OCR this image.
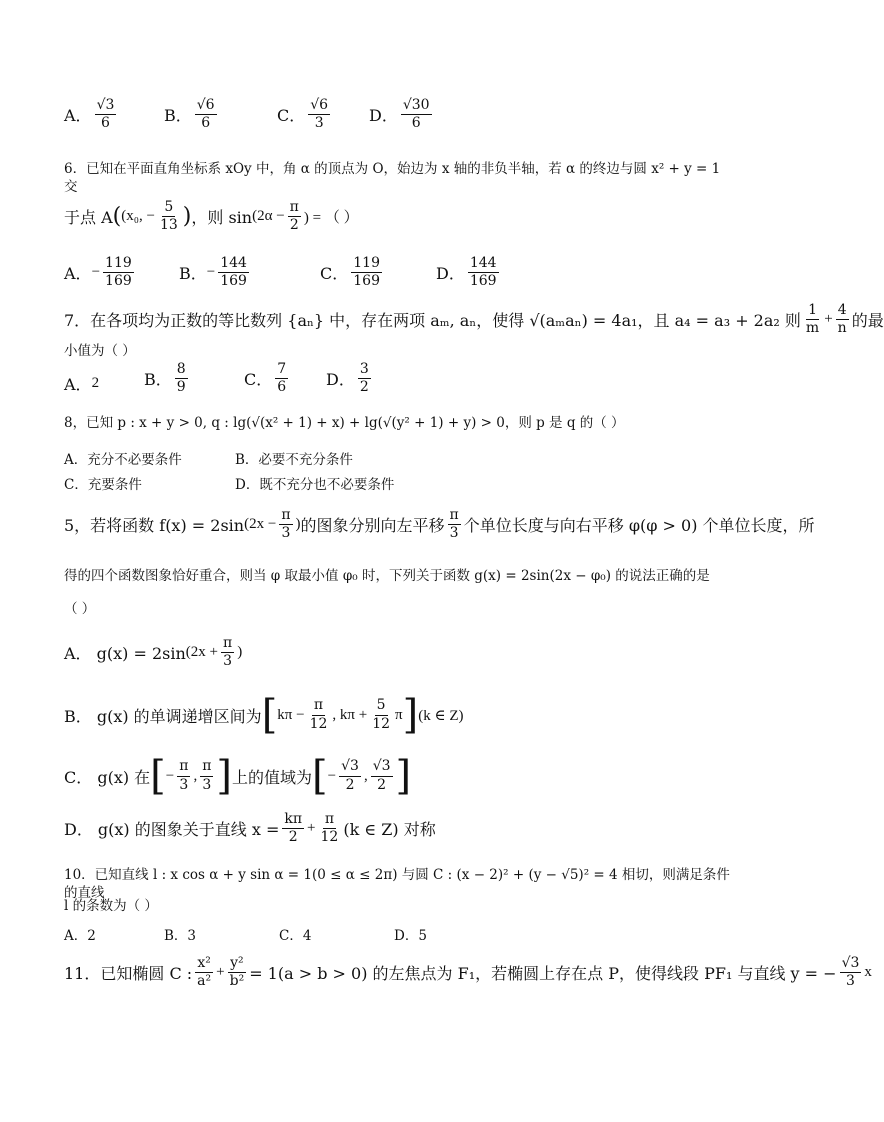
A． $\frac{√3}{6}$	B． $\frac{√6}{6}$	C． $\frac{√6}{3}$ D． $\frac{√30}{6}$
6．已知在平面直角坐标系 xOy 中，角 α 的顶点为 O，始边为 x 轴的非负半轴，若 α 的终边与圆 x² + y = 1 交
于点 A ( (x₀, − $\frac{5}{13}$ ) ，则 $\sin (2\alpha - \frac{\pi}{2}$ ) = （ ）
A． − $\frac{119}{169}$	B． − $\frac{144}{169}$	C． $\frac{119}{169}$	D． $\frac{144}{169}$
7．在各项均为正数的等比数列 {aₙ} 中，存在两项 aₘ, aₙ，使得 √(aₘaₙ) = 4a₁，且 a₄ = a₃ + 2a₂ 则 $\frac{1}{m} + \frac{4}{n}$ 的最
小值为（ ）
A． 2	B． $\frac{8}{9}$	C． $\frac{7}{6}$ D． $\frac{3}{2}$
8，已知 p : x + y > 0, q : lg(√(x² + 1) + x) + lg(√(y² + 1) + y) > 0，则 p 是 q 的（ ）
A．充分不必要条件	B．必要不充分条件
C．充要条件	D．既不充分也不必要条件
5，若将函数 f(x) = 2sin ($2x - \frac{\pi}{3}$ ) 的图象分别向左平移 $\frac{\pi}{3}$ 个单位长度与向右平移 φ(φ > 0) 个单位长度，所
得的四个函数图象恰好重合，则当 φ 取最小值 φ₀ 时，下列关于函数 g(x) = 2sin(2x − φ₀) 的说法正确的是
（ ）
A． g(x) = 2sin ($2x + \frac{\pi}{3}$ )
B． g(x) 的单调递增区间为 [ $k\pi - \frac{\pi}{12}$ , $k\pi + \frac{5}{12}$ π ] (k ∈ Z)
C． g(x) 在 [ − $\frac{\pi}{3}$ , $\frac{\pi}{3}$ ] 上的值域为 [ − $\frac{√3}{2}$ , $\frac{√3}{2}$ ]
D． g(x) 的图象关于直线 $x = \frac{k\pi}{2} + \frac{\pi}{12} (k$ ∈ Z) 对称
10．已知直线 l : x cos α + y sin α = 1(0 ≤ α ≤ 2π) 与圆 C : (x − 2)² + (y − √5)² = 4 相切，则满足条件的直线
l 的条数为（ ）
A．2	B．3	C．4	D．5
11．已知椭圆 C : $\frac{\text{x²}}{\text{a²}} + \frac{\text{y²}}{\text{b²}} = 1(a > b > 0)$ 的左焦点为 F₁，若椭圆上存在点 P，使得线段 PF₁ 与直线 y = − $\frac{√3}{3}$ x
